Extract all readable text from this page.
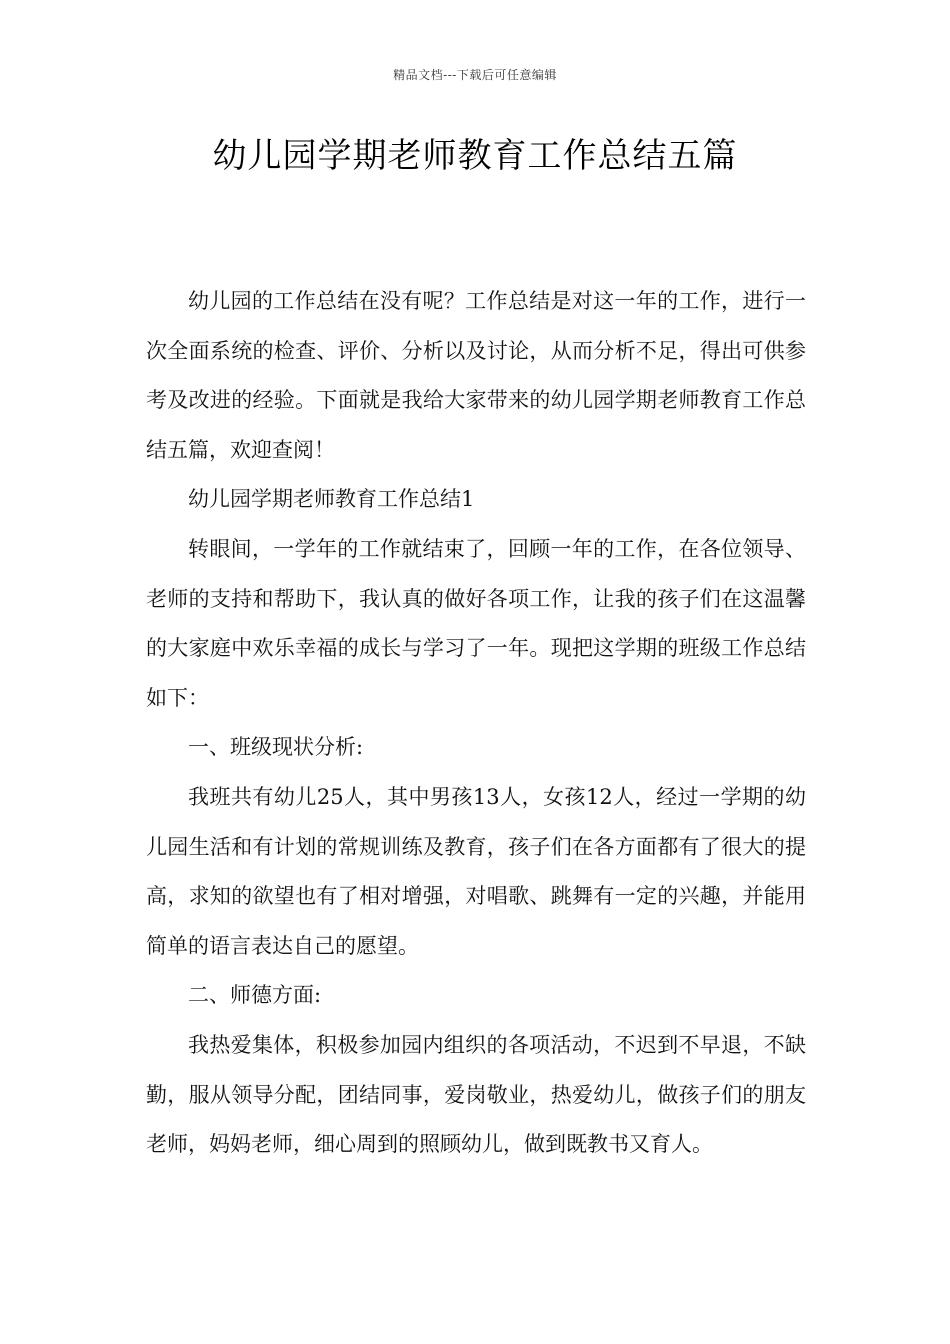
精品文档---下载后可任意编辑
幼儿园学期老师教育工作总结五篇

幼儿园的工作总结在没有呢？工作总结是对这一年的工作，进行一次全面系统的检查、评价、分析以及讨论，从而分析不足，得出可供参考及改进的经验。下面就是我给大家带来的幼儿园学期老师教育工作总结五篇，欢迎查阅！

幼儿园学期老师教育工作总结1

转眼间，一学年的工作就结束了，回顾一年的工作，在各位领导、老师的支持和帮助下，我认真的做好各项工作，让我的孩子们在这温馨的大家庭中欢乐幸福的成长与学习了一年。现把这学期的班级工作总结如下：

一、班级现状分析:

我班共有幼儿25人，其中男孩13人，女孩12人，经过一学期的幼儿园生活和有计划的常规训练及教育，孩子们在各方面都有了很大的提高，求知的欲望也有了相对增强，对唱歌、跳舞有一定的兴趣，并能用简单的语言表达自己的愿望。

二、师德方面:

我热爱集体，积极参加园内组织的各项活动，不迟到不早退，不缺勤，服从领导分配，团结同事，爱岗敬业，热爱幼儿，做孩子们的朋友老师，妈妈老师，细心周到的照顾幼儿，做到既教书又育人。
